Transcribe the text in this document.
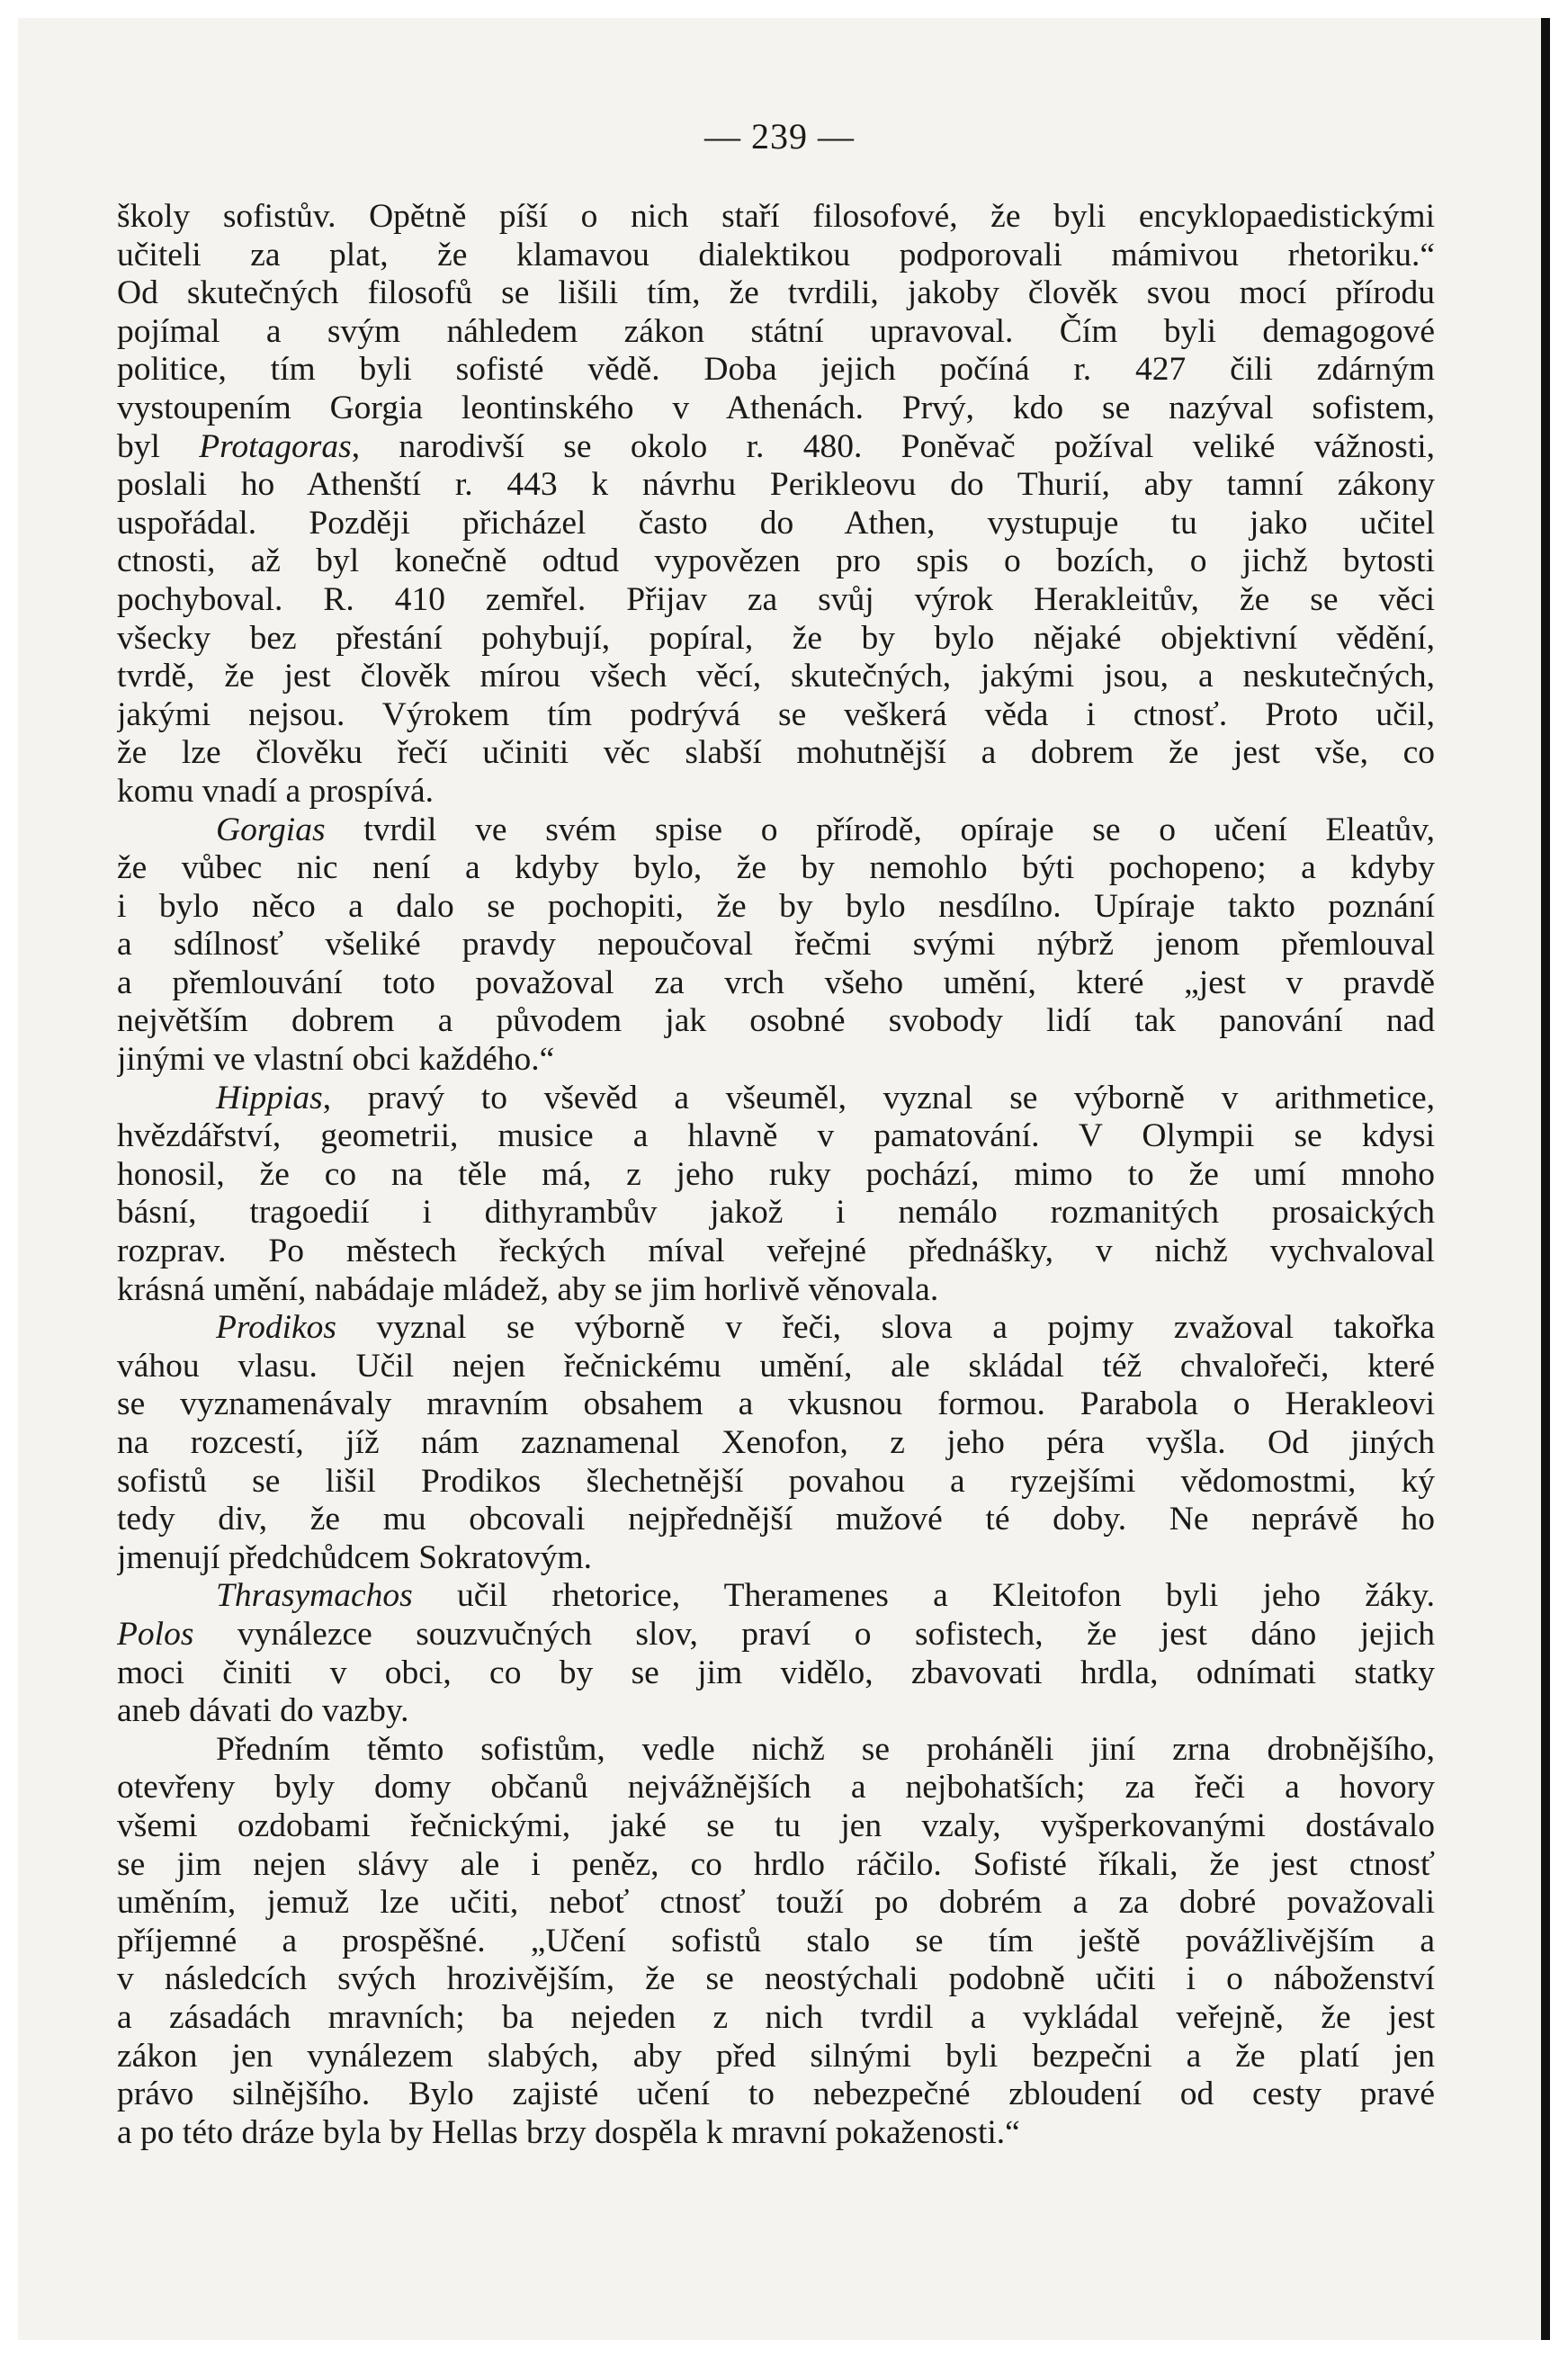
— 239 —
školy sofistův. Opětně píší o nich staří filosofové, že byli encyklopaedistickými
učiteli za plat, že klamavou dialektikou podporovali mámivou rhetoriku.“
Od skutečných filosofů se lišili tím, že tvrdili, jakoby člověk svou mocí přírodu
pojímal a svým náhledem zákon státní upravoval. Čím byli demagogové
politice, tím byli sofisté vědě. Doba jejich počíná r. 427 čili zdárným
vystoupením Gorgia leontinského v Athenách. Prvý, kdo se nazýval sofistem,
byl Protagoras, narodivší se okolo r. 480. Poněvač požíval veliké vážnosti,
poslali ho Athenští r. 443 k návrhu Perikleovu do Thurií, aby tamní zákony
uspořádal. Později přicházel často do Athen, vystupuje tu jako učitel
ctnosti, až byl konečně odtud vypovězen pro spis o bozích, o jichž bytosti
pochyboval. R. 410 zemřel. Přijav za svůj výrok Herakleitův, že se věci
všecky bez přestání pohybují, popíral, že by bylo nějaké objektivní vědění,
tvrdě, že jest člověk mírou všech věcí, skutečných, jakými jsou, a neskutečných,
jakými nejsou. Výrokem tím podrývá se veškerá věda i ctnosť. Proto učil,
že lze člověku řečí učiniti věc slabší mohutnější a dobrem že jest vše, co
komu vnadí a prospívá.
Gorgias tvrdil ve svém spise o přírodě, opíraje se o učení Eleatův,
že vůbec nic není a kdyby bylo, že by nemohlo býti pochopeno; a kdyby
i bylo něco a dalo se pochopiti, že by bylo nesdílno. Upíraje takto poznání
a sdílnosť všeliké pravdy nepoučoval řečmi svými nýbrž jenom přemlouval
a přemlouvání toto považoval za vrch všeho umění, které „jest v pravdě
největším dobrem a původem jak osobné svobody lidí tak panování nad
jinými ve vlastní obci každého.“
Hippias, pravý to vševěd a všeuměl, vyznal se výborně v arithmetice,
hvězdářství, geometrii, musice a hlavně v pamatování. V Olympii se kdysi
honosil, že co na těle má, z jeho ruky pochází, mimo to že umí mnoho
básní, tragoedií i dithyrambův jakož i nemálo rozmanitých prosaických
rozprav. Po městech řeckých míval veřejné přednášky, v nichž vychvaloval
krásná umění, nabádaje mládež, aby se jim horlivě věnovala.
Prodikos vyznal se výborně v řeči, slova a pojmy zvažoval takořka
váhou vlasu. Učil nejen řečnickému umění, ale skládal též chvalořeči, které
se vyznamenávaly mravním obsahem a vkusnou formou. Parabola o Herakleovi
na rozcestí, jíž nám zaznamenal Xenofon, z jeho péra vyšla. Od jiných
sofistů se lišil Prodikos šlechetnější povahou a ryzejšími vědomostmi, ký
tedy div, že mu obcovali nejpřednější mužové té doby. Ne neprávě ho
jmenují předchůdcem Sokratovým.
Thrasymachos učil rhetorice, Theramenes a Kleitofon byli jeho žáky.
Polos vynálezce souzvučných slov, praví o sofistech, že jest dáno jejich
moci činiti v obci, co by se jim vidělo, zbavovati hrdla, odnímati statky
aneb dávati do vazby.
Předním těmto sofistům, vedle nichž se proháněli jiní zrna drobnějšího,
otevřeny byly domy občanů nejvážnějších a nejbohatších; za řeči a hovory
všemi ozdobami řečnickými, jaké se tu jen vzaly, vyšperkovanými dostávalo
se jim nejen slávy ale i peněz, co hrdlo ráčilo. Sofisté říkali, že jest ctnosť
uměním, jemuž lze učiti, neboť ctnosť touží po dobrém a za dobré považovali
příjemné a prospěšné. „Učení sofistů stalo se tím ještě povážlivějším a
v následcích svých hrozivějším, že se neostýchali podobně učiti i o náboženství
a zásadách mravních; ba nejeden z nich tvrdil a vykládal veřejně, že jest
zákon jen vynálezem slabých, aby před silnými byli bezpečni a že platí jen
právo silnějšího. Bylo zajisté učení to nebezpečné zbloudení od cesty pravé
a po této dráze byla by Hellas brzy dospěla k mravní pokaženosti.“
